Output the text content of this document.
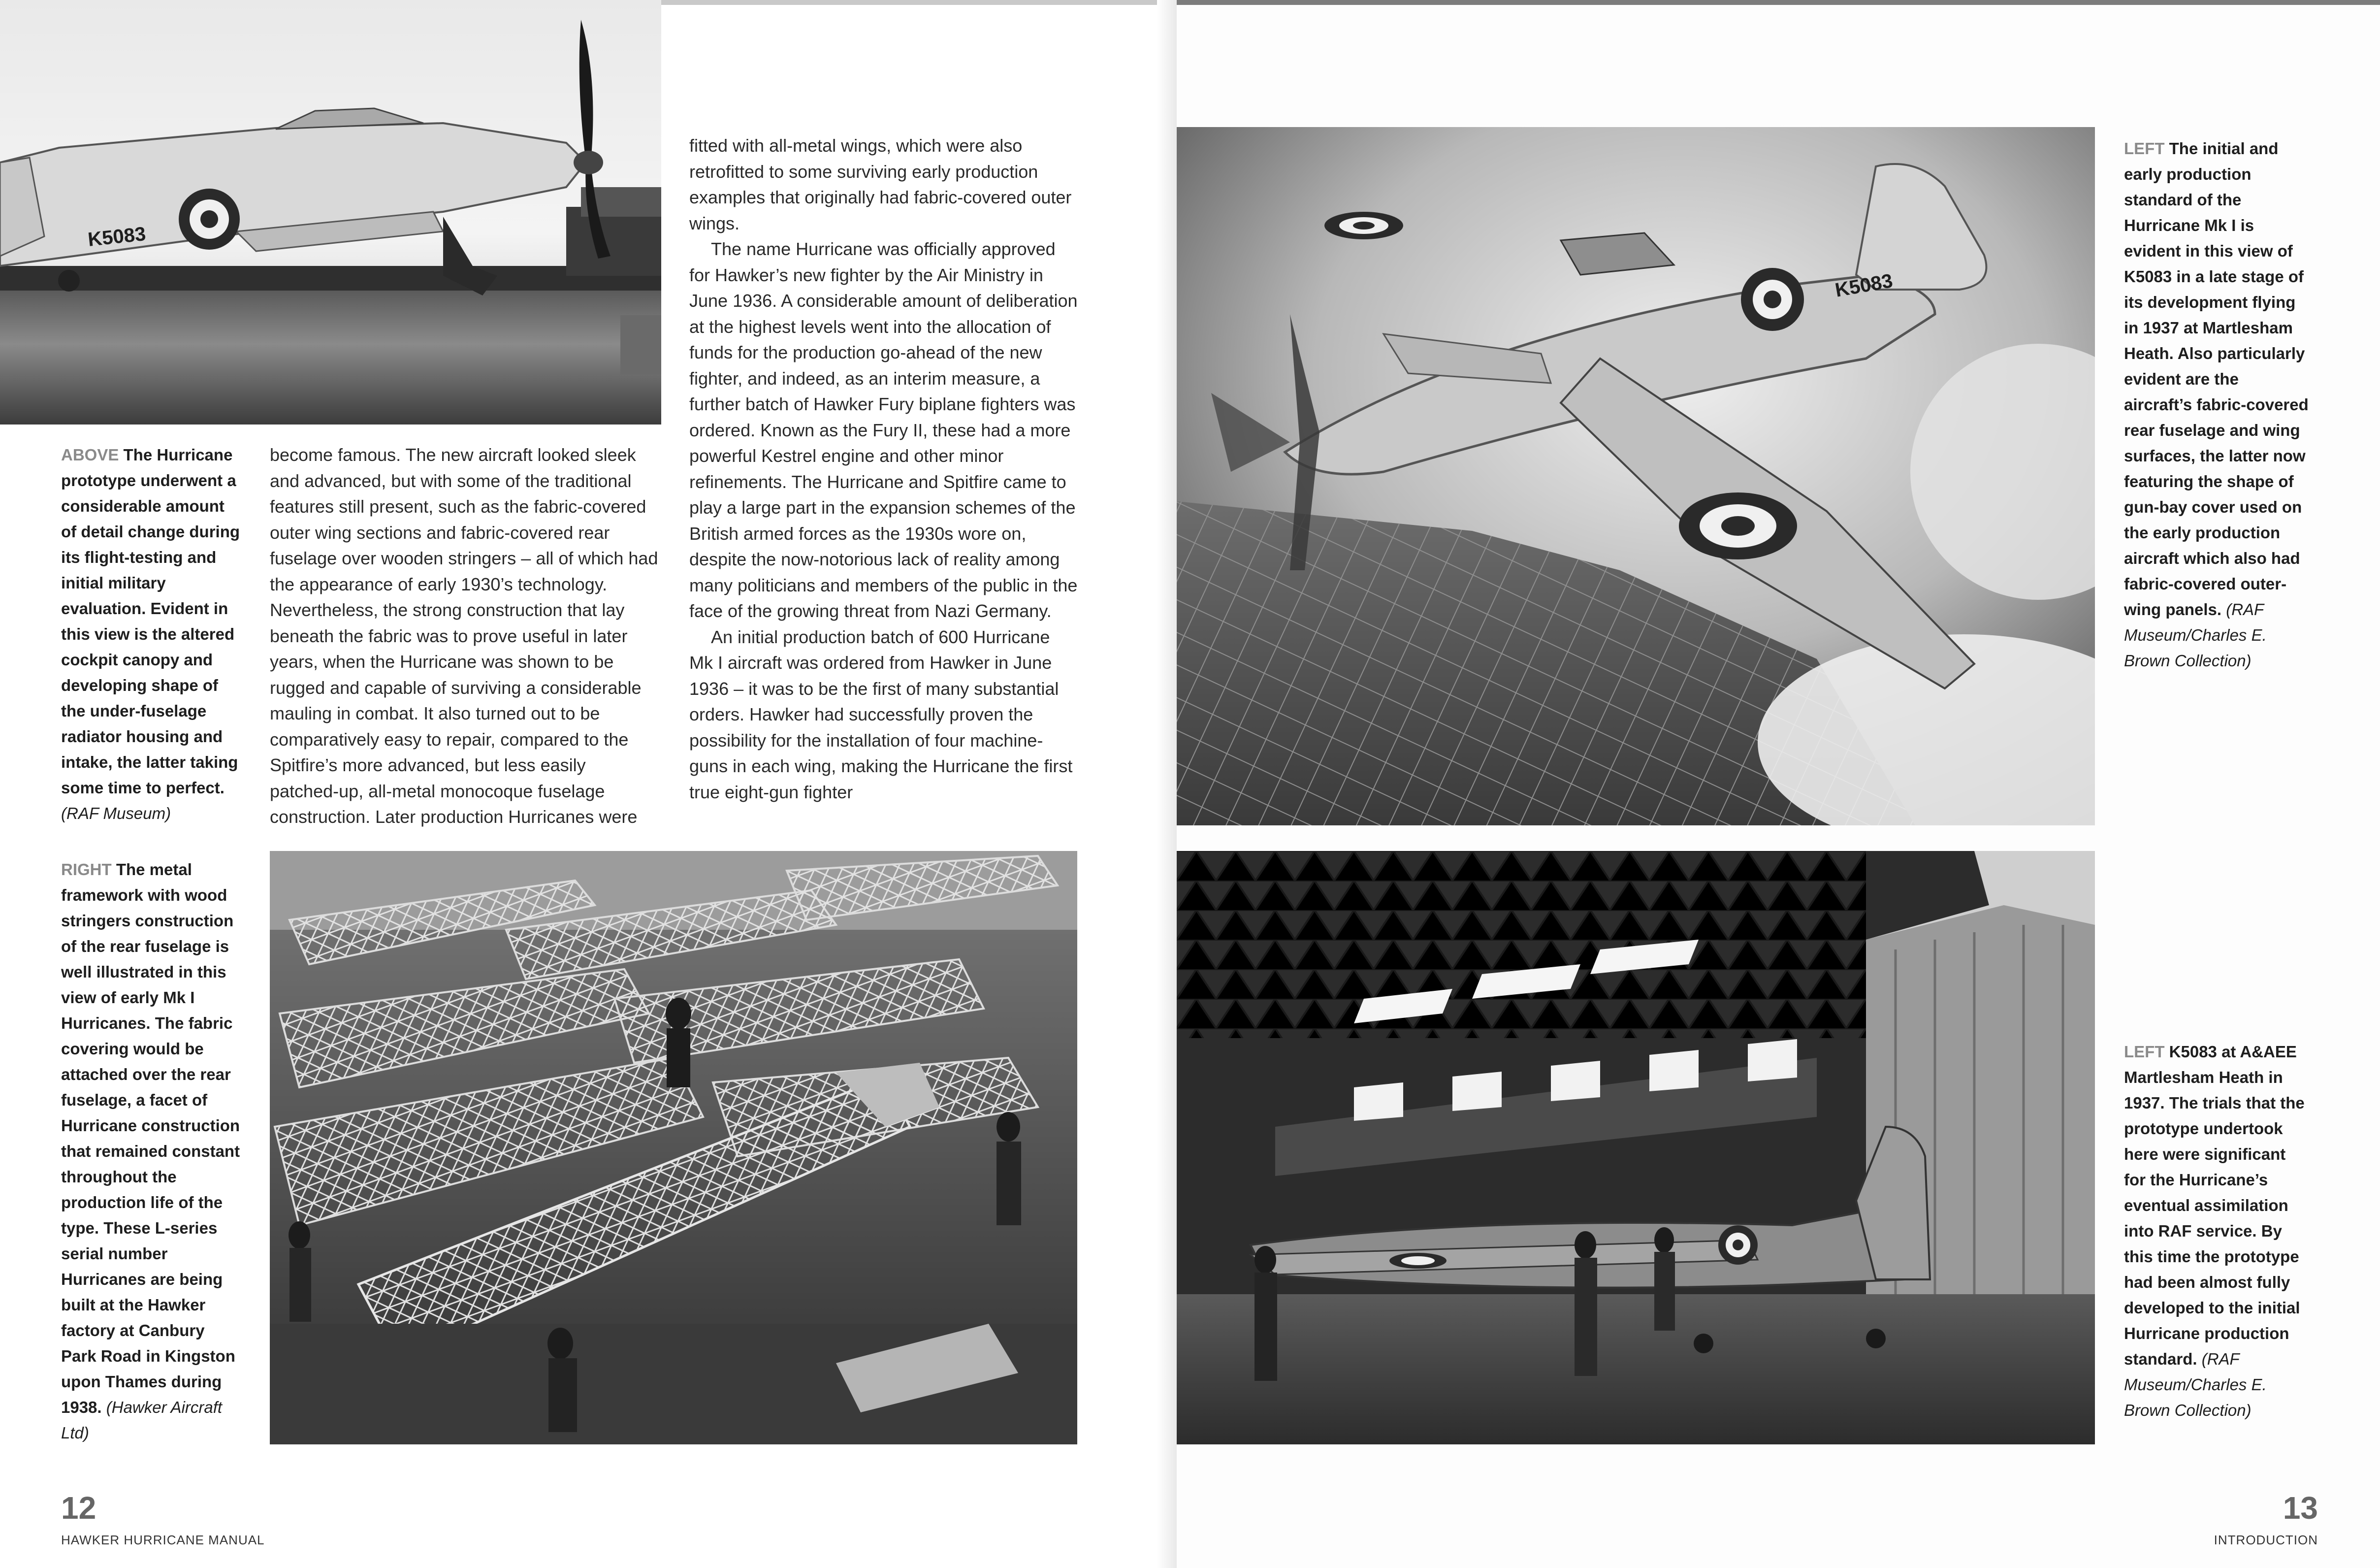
K5083
ABOVE The Hurricane prototype underwent a considerable amount of detail change during its flight-testing and initial military evaluation. Evident in this view is the altered cockpit canopy and developing shape of the under-fuselage radiator housing and intake, the latter taking some time to perfect. (RAF Museum)

become famous. The new aircraft looked sleek and advanced, but with some of the traditional features still present, such as the fabric-covered outer wing sections and fabric-covered rear fuselage over wooden stringers – all of which had the appearance of early 1930’s technology. Nevertheless, the strong construction that lay beneath the fabric was to prove useful in later years, when the Hurricane was shown to be rugged and capable of surviving a considerable mauling in combat. It also turned out to be comparatively easy to repair, compared to the Spitfire’s more advanced, but less easily patched-up, all-metal monocoque fuselage construction. Later production Hurricanes were

fitted with all-metal wings, which were also retrofitted to some surviving early production examples that originally had fabric-covered outer wings.

The name Hurricane was officially approved for Hawker’s new fighter by the Air Ministry in June 1936. A considerable amount of deliberation at the highest levels went into the allocation of funds for the production go-ahead of the new fighter, and indeed, as an interim measure, a further batch of Hawker Fury biplane fighters was ordered. Known as the Fury II, these had a more powerful Kestrel engine and other minor refinements. The Hurricane and Spitfire came to play a large part in the expansion schemes of the British armed forces as the 1930s wore on, despite the now-notorious lack of reality among many politicians and members of the public in the face of the growing threat from Nazi Germany.

An initial production batch of 600 Hurricane Mk I aircraft was ordered from Hawker in June 1936 – it was to be the first of many substantial orders. Hawker had successfully proven the possibility for the installation of four machine-guns in each wing, making the Hurricane the first true eight-gun fighter

RIGHT The metal framework with wood stringers construction of the rear fuselage is well illustrated in this view of early Mk I Hurricanes. The fabric covering would be attached over the rear fuselage, a facet of Hurricane construction that remained constant throughout the production life of the type. These L-series serial number Hurricanes are being built at the Hawker factory at Canbury Park Road in Kingston upon Thames during 1938. (Hawker Aircraft Ltd)
12
HAWKER HURRICANE MANUAL
K5083
LEFT The initial and early production standard of the Hurricane Mk I is evident in this view of K5083 in a late stage of its development flying in 1937 at Martlesham Heath. Also particularly evident are the aircraft’s fabric-covered rear fuselage and wing surfaces, the latter now featuring the shape of gun-bay cover used on the early production aircraft which also had fabric-covered outer-wing panels. (RAF Museum/Charles E. Brown Collection)
LEFT K5083 at A&AEE Martlesham Heath in 1937. The trials that the prototype undertook here were significant for the Hurricane’s eventual assimilation into RAF service. By this time the prototype had been almost fully developed to the initial Hurricane production standard. (RAF Museum/Charles E. Brown Collection)
13
INTRODUCTION
